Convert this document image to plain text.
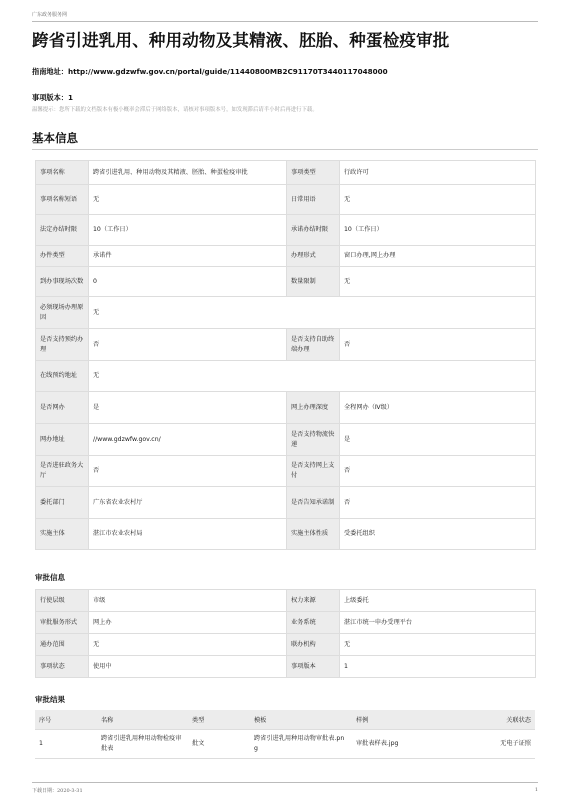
广东政务服务网
跨省引进乳用、种用动物及其精液、胚胎、种蛋检疫审批
指南地址：http://www.gdzwfw.gov.cn/portal/guide/11440800MB2C91170T3440117048000
事项版本：1
温馨提示：您所下载的文档版本有极小概率会滞后于网络版本，请核对事项版本号，如发现滞后请半小时后再进行下载。
基本信息
事项名称	跨省引进乳用、种用动物及其精液、胚胎、种蛋检疫审批	事项类型	行政许可
事项名称短语	无	日常用语	无
法定办结时限	10（工作日）	承诺办结时限	10（工作日）
办件类型	承诺件	办理形式	窗口办理,网上办理
到办事现场次数	0	数量限制	无
必须现场办理原因	无		
是否支持预约办理	否	是否支持自助终端办理	否
在线预约地址	无		
是否网办	是	网上办理深度	全程网办（Ⅳ级）
网办地址	//www.gdzwfw.gov.cn/	是否支持物流快递	是
是否进驻政务大厅	否	是否支持网上支付	否
委托部门	广东省农业农村厅	是否告知承诺制	否
实施主体	湛江市农业农村局	实施主体性质	受委托组织
审批信息
行使层级	市级	权力来源	上级委托
审批服务形式	网上办	业务系统	湛江市统一申办受理平台
通办范围	无	联办机构	无
事项状态	使用中	事项版本	1
审批结果
序号	名称	类型	模板	样例	关联状态
1	跨省引进乳用种用动物检疫审批表	批文	跨省引进乳用种用动物审批表.png	审批表样表.jpg	无电子证照
下载日期：2020-3-31	1
